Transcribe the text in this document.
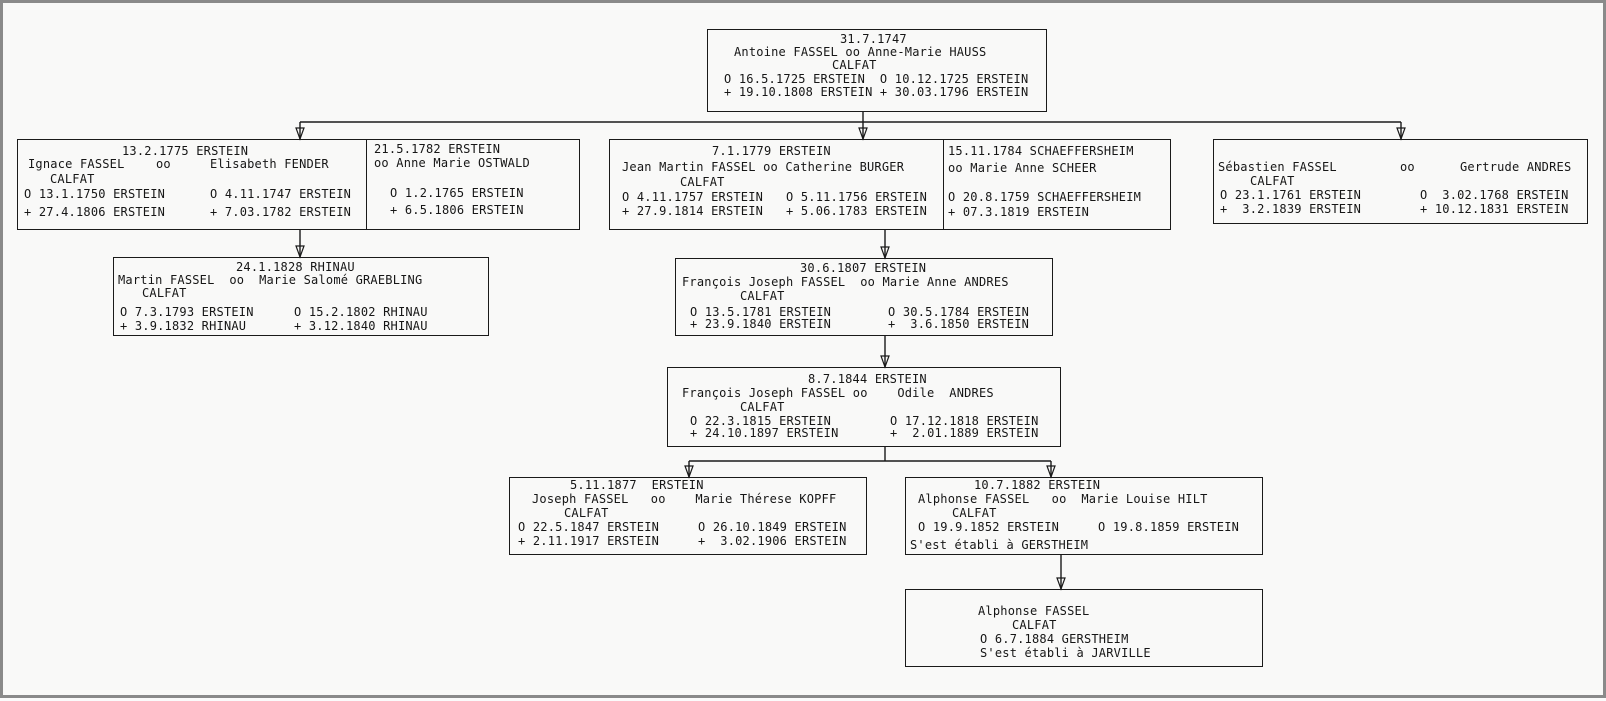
31.7.1747
Antoine FASSEL oo Anne-Marie HAUSS
CALFAT
O 16.5.1725 ERSTEIN  O 10.12.1725 ERSTEIN
+ 19.10.1808 ERSTEIN + 30.03.1796 ERSTEIN
13.2.1775 ERSTEIN
Ignace FASSEL	oo	Elisabeth FENDER
CALFAT
O 13.1.1750 ERSTEIN	O 4.11.1747 ERSTEIN
+ 27.4.1806 ERSTEIN	+ 7.03.1782 ERSTEIN
21.5.1782 ERSTEIN
oo Anne Marie OSTWALD
O 1.2.1765 ERSTEIN
+ 6.5.1806 ERSTEIN
7.1.1779 ERSTEIN
Jean Martin FASSEL oo Catherine BURGER
CALFAT
O 4.11.1757 ERSTEIN O 5.11.1756 ERSTEIN
+ 27.9.1814 ERSTEIN + 5.06.1783 ERSTEIN
15.11.1784 SCHAEFFERSHEIM
oo Marie Anne SCHEER
O 20.8.1759 SCHAEFFERSHEIM
+ 07.3.1819 ERSTEIN
Sébastien FASSEL	oo	Gertrude ANDRES
CALFAT
O 23.1.1761 ERSTEIN	O  3.02.1768 ERSTEIN
+  3.2.1839 ERSTEIN	+ 10.12.1831 ERSTEIN
24.1.1828 RHINAU
Martin FASSEL  oo  Marie Salomé GRAEBLING
CALFAT
O 7.3.1793 ERSTEIN	O 15.2.1802 RHINAU
+ 3.9.1832 RHINAU	+ 3.12.1840 RHINAU
30.6.1807 ERSTEIN
François Joseph FASSEL  oo Marie Anne ANDRES
CALFAT
O 13.5.1781 ERSTEIN	O 30.5.1784 ERSTEIN
+ 23.9.1840 ERSTEIN	+  3.6.1850 ERSTEIN
8.7.1844 ERSTEIN
François Joseph FASSEL oo    Odile  ANDRES
CALFAT
O 22.3.1815 ERSTEIN	O 17.12.1818 ERSTEIN
+ 24.10.1897 ERSTEIN	+  2.01.1889 ERSTEIN
5.11.1877  ERSTEIN
Joseph FASSEL   oo    Marie Thérese KOPFF
CALFAT
O 22.5.1847 ERSTEIN	O 26.10.1849 ERSTEIN
+ 2.11.1917 ERSTEIN	+  3.02.1906 ERSTEIN
10.7.1882 ERSTEIN
Alphonse FASSEL   oo  Marie Louise HILT
CALFAT
O 19.9.1852 ERSTEIN	O 19.8.1859 ERSTEIN
S'est établi à GERSTHEIM
Alphonse FASSEL
CALFAT
O 6.7.1884 GERSTHEIM
S'est établi à JARVILLE
